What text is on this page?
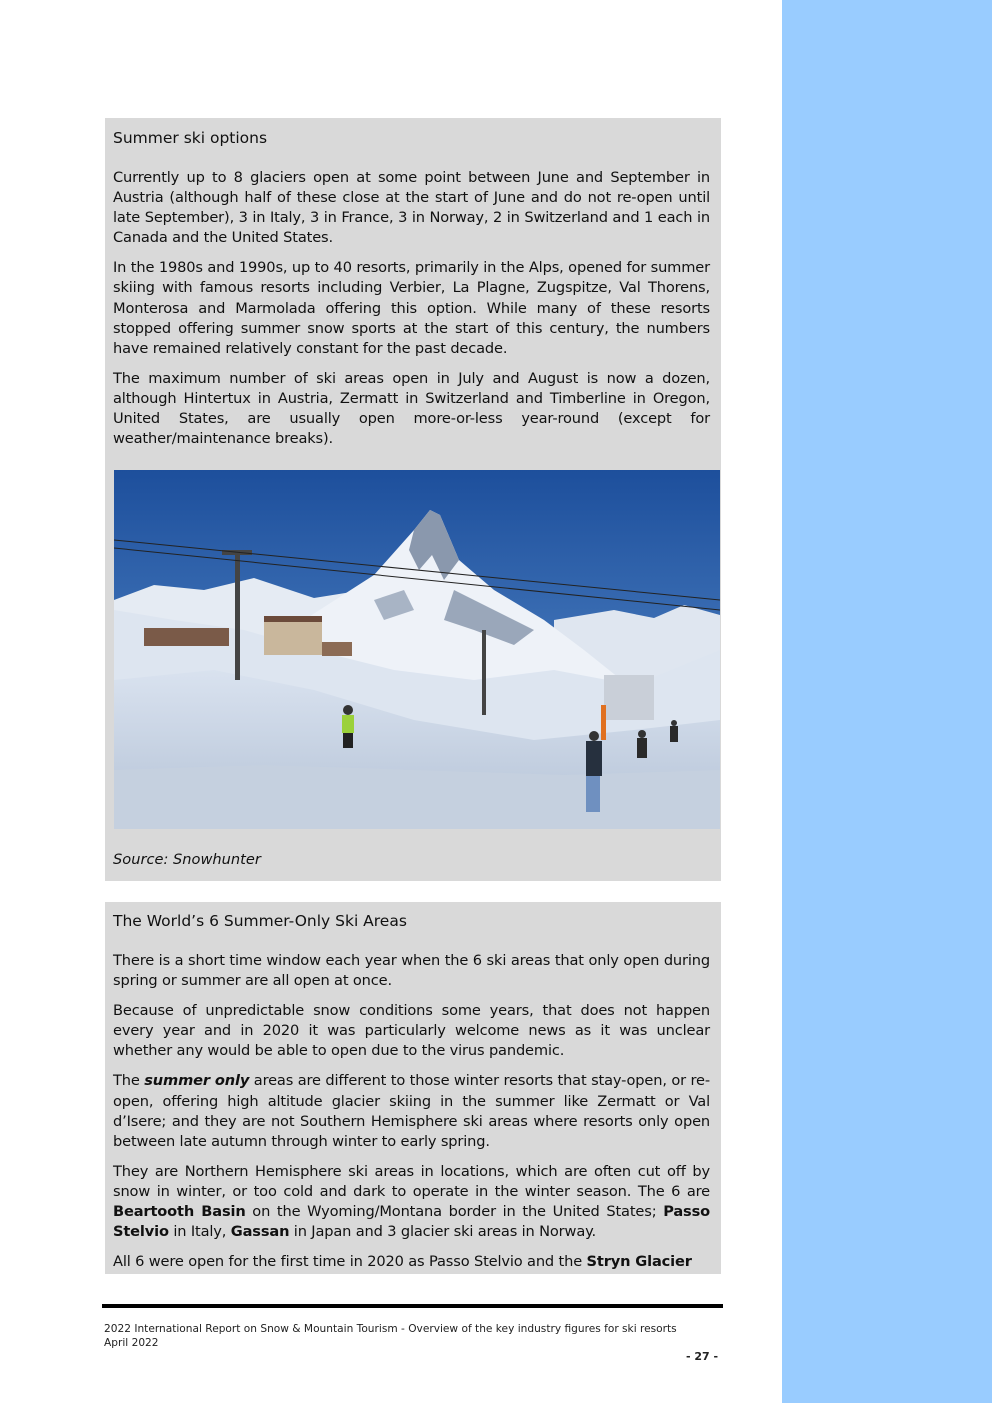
Summer ski options

Currently up to 8 glaciers open at some point between June and September in Austria (although half of these close at the start of June and do not re-open until late September), 3 in Italy, 3 in France, 3 in Norway, 2 in Switzerland and 1 each in Canada and the United States.

In the 1980s and 1990s, up to 40 resorts, primarily in the Alps, opened for summer skiing with famous resorts including Verbier, La Plagne, Zugspitze, Val Thorens, Monterosa and Marmolada offering this option. While many of these resorts stopped offering summer snow sports at the start of this century, the numbers have remained relatively constant for the past decade.

The maximum number of ski areas open in July and August is now a dozen, although Hintertux in Austria, Zermatt in Switzerland and Timberline in Oregon, United States, are usually open more-or-less year-round (except for weather/maintenance breaks).

Source: Snowhunter
The World’s 6 Summer-Only Ski Areas

There is a short time window each year when the 6 ski areas that only open during spring or summer are all open at once.

Because of unpredictable snow conditions some years, that does not happen every year and in 2020 it was particularly welcome news as it was unclear whether any would be able to open due to the virus pandemic.

The summer only areas are different to those winter resorts that stay-open, or re-open, offering high altitude glacier skiing in the summer like Zermatt or Val d’Isere; and they are not Southern Hemisphere ski areas where resorts only open between late autumn through winter to early spring.

They are Northern Hemisphere ski areas in locations, which are often cut off by snow in winter, or too cold and dark to operate in the winter season. The 6 are Beartooth Basin on the Wyoming/Montana border in the United States; Passo Stelvio in Italy, Gassan in Japan and 3 glacier ski areas in Norway.

All 6 were open for the first time in 2020 as Passo Stelvio and the Stryn Glacier

2022 International Report on Snow & Mountain Tourism - Overview of the key industry figures for ski resorts
April 2022
- 27 -
